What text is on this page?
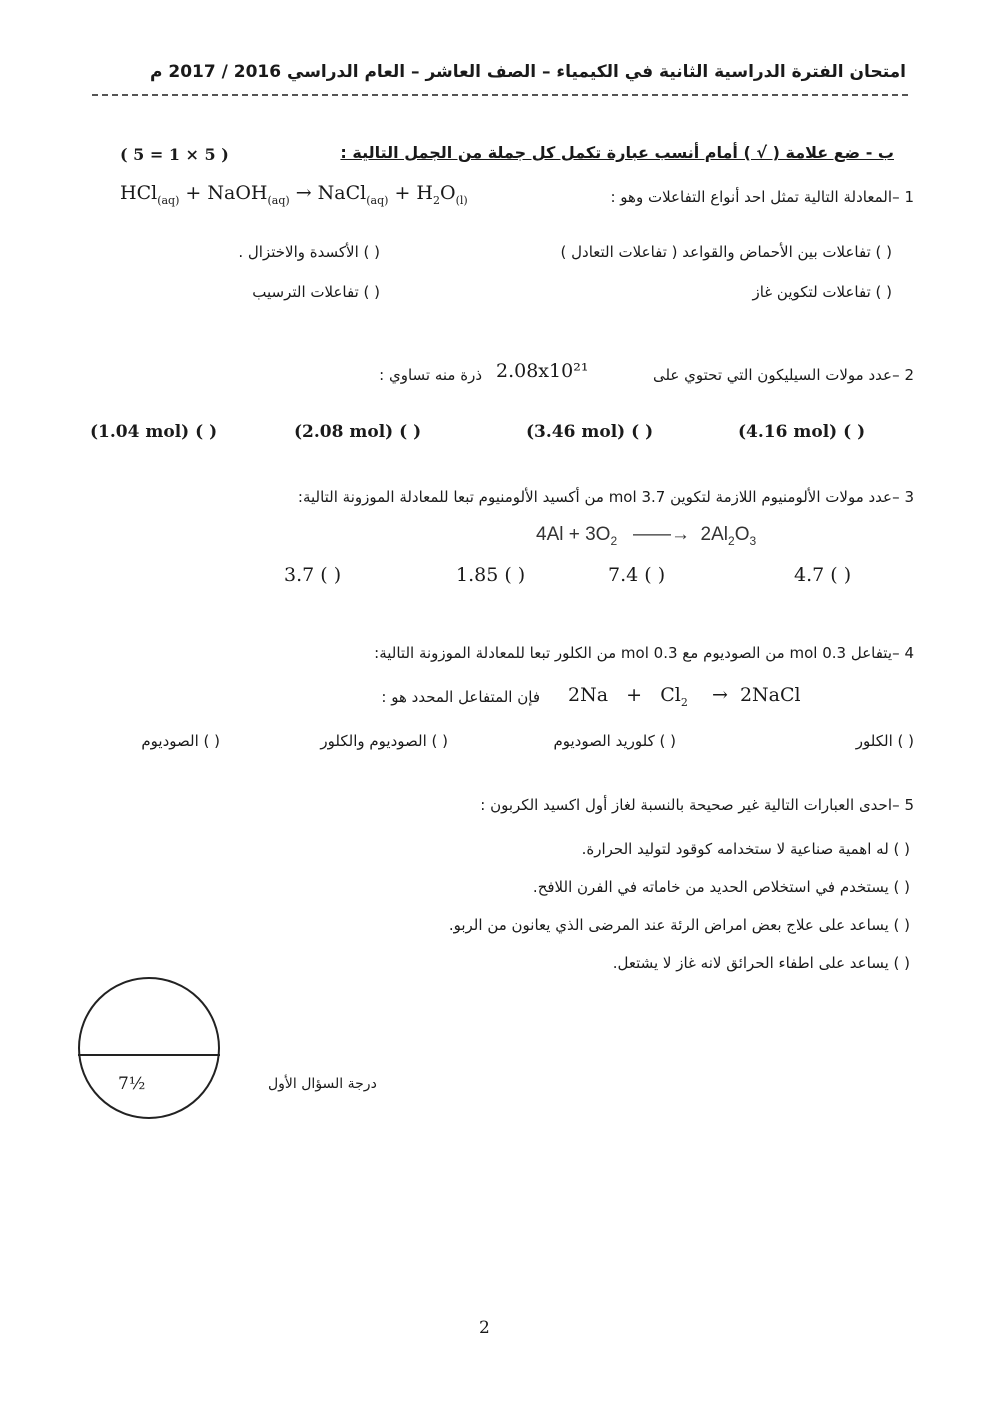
امتحان الفترة الدراسية الثانية في الكيمياء – الصف العاشر – العام الدراسي 2016 / 2017 م
ب - ضع علامة ( √ ) أمام أنسب عبارة تكمل كل جملة من الجمل التالية :
( 5 = 1 × 5 )
1 –
المعادلة التالية تمثل احد أنواع التفاعلات وهو :
HCl$_{(aq)}$ + NaOH$_{(aq)}$ → NaCl$_{(aq)}$ + $H_2O_{(l)}$
( ) تفاعلات بين الأحماض والقواعد ( تفاعلات التعادل )
( ) الأكسدة والاختزال .
( ) تفاعلات لتكوين غاز
( ) تفاعلات الترسيب
2 –
عدد مولات السيليكون التي تحتوي على
2.08x10²¹
ذرة منه تساوي :
(1.04 mol) ( )	(2.08 mol) ( )	(3.46 mol) ( )	(4.16 mol) ( )
3 –
عدد مولات الألومنيوم اللازمة لتكوين 3.7 mol من أكسيد الألومنيوم تبعا للمعادلة الموزونة التالية:
$4Al + 3O_2$   ——→  $2Al_2O_3$
3.7 ( )	1.85 ( )	7.4 ( )	4.7 ( )
4 –
يتفاعل 0.3 mol من الصوديوم مع 0.3 mol من الكلور تبعا للمعادلة الموزونة التالية:
$2Na + Cl_2$    →  2NaCl
فإن المتفاعل المحدد هو :
( ) الكلور
( ) كلوريد الصوديوم
( ) الصوديوم والكلور
( ) الصوديوم
5 –
احدى العبارات التالية غير صحيحة بالنسبة لغاز أول اكسيد الكربون :
( ) له اهمية صناعية لا ستخدامه كوقود لتوليد الحرارة.
( ) يستخدم في استخلاص الحديد من خاماته في الفرن اللافح.
( ) يساعد على علاج بعض امراض الرئة عند المرضى الذي يعانون من الربو.
( ) يساعد على اطفاء الحرائق لانه غاز لا يشتعل.
7½	درجة السؤال الأول
2
